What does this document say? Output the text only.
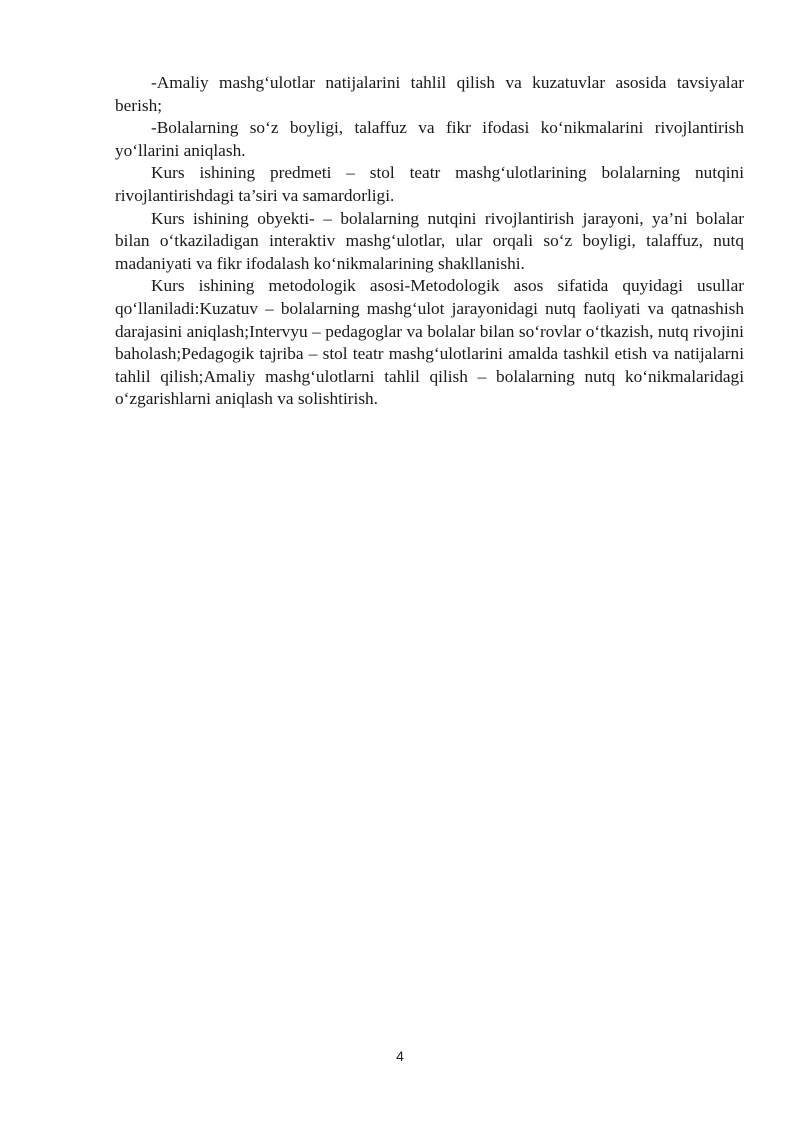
-Amaliy mashg‘ulotlar natijalarini tahlil qilish va kuzatuvlar asosida tavsiyalar berish;

-Bolalarning so‘z boyligi, talaffuz va fikr ifodasi ko‘nikmalarini rivojlantirish yo‘llarini aniqlash.

Kurs ishining predmeti – stol teatr mashg‘ulotlarining bolalarning nutqini rivojlantirishdagi ta’siri va samardorligi.

Kurs ishining obyekti- – bolalarning nutqini rivojlantirish jarayoni, ya’ni bolalar bilan o‘tkaziladigan interaktiv mashg‘ulotlar, ular orqali so‘z boyligi, talaffuz, nutq madaniyati va fikr ifodalash ko‘nikmalarining shakllanishi.

Kurs ishining metodologik asosi-Metodologik asos sifatida quyidagi usullar qo‘llaniladi:Kuzatuv – bolalarning mashg‘ulot jarayonidagi nutq faoliyati va qatnashish darajasini aniqlash;Intervyu – pedagoglar va bolalar bilan so‘rovlar o‘tkazish, nutq rivojini baholash;Pedagogik tajriba – stol teatr mashg‘ulotlarini amalda tashkil etish va natijalarni tahlil qilish;Amaliy mashg‘ulotlarni tahlil qilish – bolalarning nutq ko‘nikmalaridagi o‘zgarishlarni aniqlash va solishtirish.

4
